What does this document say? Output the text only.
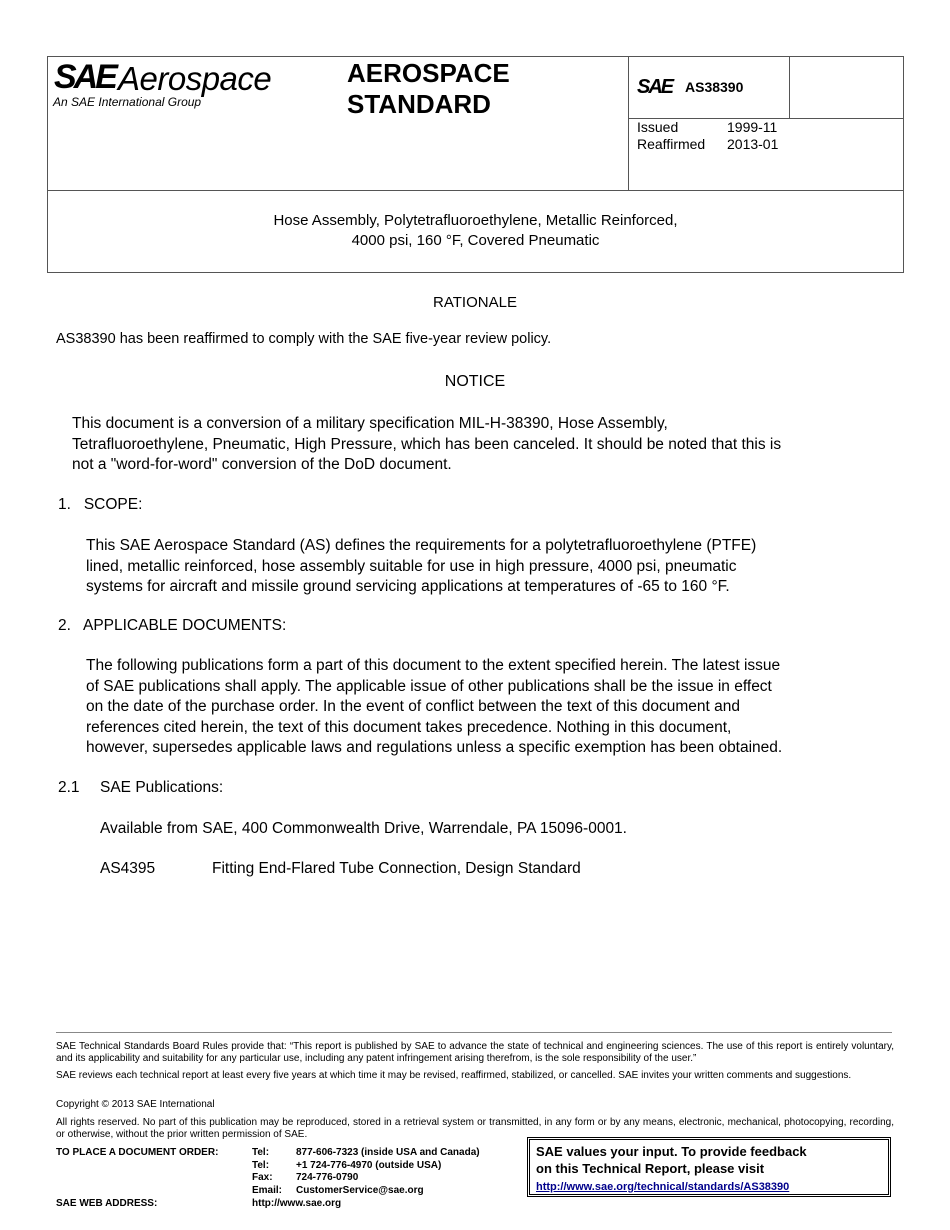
SAE Aerospace
An SAE International Group
AEROSPACE
STANDARD
SAE AS38390
Issued	1999-11
Reaffirmed 2013-01
Hose Assembly, Polytetrafluoroethylene, Metallic Reinforced,
4000 psi, 160 °F, Covered Pneumatic
RATIONALE
AS38390 has been reaffirmed to comply with the SAE five-year review policy.
NOTICE
This document is a conversion of a military specification MIL-H-38390, Hose Assembly,
Tetrafluoroethylene, Pneumatic, High Pressure, which has been canceled. It should be noted that this is
not a "word-for-word" conversion of the DoD document.
1.   SCOPE:
This SAE Aerospace Standard (AS) defines the requirements for a polytetrafluoroethylene (PTFE)
lined, metallic reinforced, hose assembly suitable for use in high pressure, 4000 psi, pneumatic
systems for aircraft and missile ground servicing applications at temperatures of -65 to 160 °F.
2.   APPLICABLE DOCUMENTS:
The following publications form a part of this document to the extent specified herein. The latest issue
of SAE publications shall apply. The applicable issue of other publications shall be the issue in effect
on the date of the purchase order. In the event of conflict between the text of this document and
references cited herein, the text of this document takes precedence. Nothing in this document,
however, supersedes applicable laws and regulations unless a specific exemption has been obtained.
2.1 SAE Publications:
Available from SAE, 400 Commonwealth Drive, Warrendale, PA 15096-0001.
AS4395	Fitting End-Flared Tube Connection, Design Standard
SAE Technical Standards Board Rules provide that: “This report is published by SAE to advance the state of technical and engineering sciences. The use of this report is entirely voluntary, and its applicability and suitability for any particular use, including any patent infringement arising therefrom, is the sole responsibility of the user.”
SAE reviews each technical report at least every five years at which time it may be revised, reaffirmed, stabilized, or cancelled. SAE invites your written comments and suggestions.
Copyright © 2013 SAE International
All rights reserved. No part of this publication may be reproduced, stored in a retrieval system or transmitted, in any form or by any means, electronic, mechanical, photocopying, recording, or otherwise, without the prior written permission of SAE.
TO PLACE A DOCUMENT ORDER:	Tel:	877-606-7323 (inside USA and Canada)
Tel:	+1 724-776-4970 (outside USA)
Fax: 724-776-0790
Email: CustomerService@sae.org
SAE WEB ADDRESS:	http://www.sae.org
SAE values your input. To provide feedback
on this Technical Report, please visit
http://www.sae.org/technical/standards/AS38390
